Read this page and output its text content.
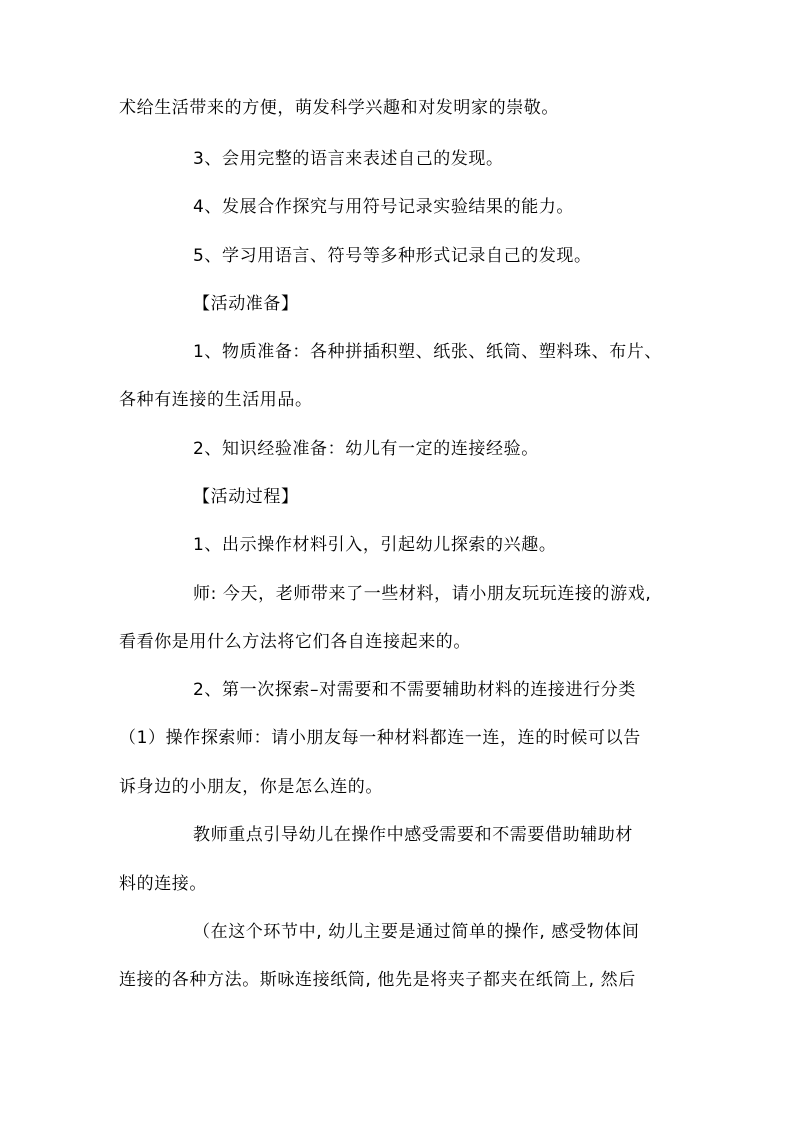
术给生活带来的方便，萌发科学兴趣和对发明家的崇敬。
3、会用完整的语言来表述自己的发现。
4、发展合作探究与用符号记录实验结果的能力。
5、学习用语言、符号等多种形式记录自己的发现。
【活动准备】
1、物质准备：各种拼插积塑、纸张、纸筒、塑料珠、布片、
各种有连接的生活用品。
2、知识经验准备：幼儿有一定的连接经验。
【活动过程】
1、出示操作材料引入，引起幼儿探索的兴趣。
师: 今天，老师带来了一些材料，请小朋友玩玩连接的游戏,
看看你是用什么方法将它们各自连接起来的。
2、第一次探索–对需要和不需要辅助材料的连接进行分类
（1）操作探索师：请小朋友每一种材料都连一连，连的时候可以告
诉身边的小朋友，你是怎么连的。
教师重点引导幼儿在操作中感受需要和不需要借助辅助材
料的连接。
（在这个环节中, 幼儿主要是通过简单的操作, 感受物体间
连接的各种方法。斯咏连接纸筒, 他先是将夹子都夹在纸筒上, 然后
